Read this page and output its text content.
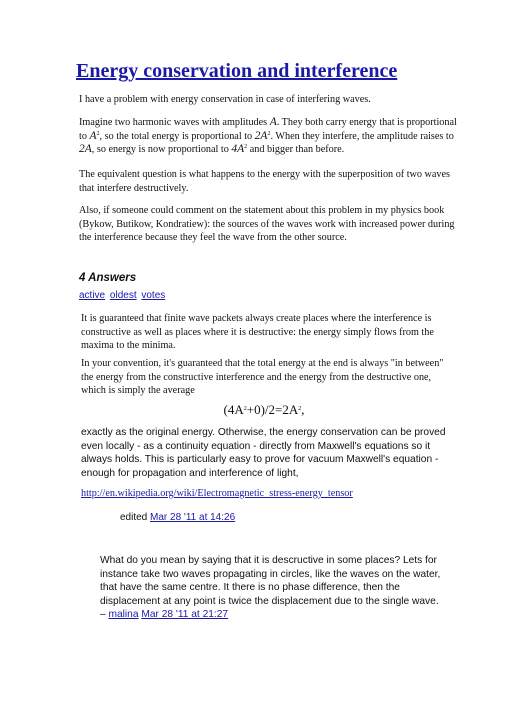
Energy conservation and interference

I have a problem with energy conservation in case of interfering waves.

Imagine two harmonic waves with amplitudes A. They both carry energy that is proportional to $A^2$, so the total energy is proportional to $2A^2$. When they interfere, the amplitude raises to 2A, so energy is now proportional to $4A^2$ and bigger than before.

The equivalent question is what happens to the energy with the superposition of two waves that interfere destructively.

Also, if someone could comment on the statement about this problem in my physics book (Bykow, Butikow, Kondratiew): the sources of the waves work with increased power during the interference because they feel the wave from the other source.

4 Answers
active oldest votes

It is guaranteed that finite wave packets always create places where the interference is constructive as well as places where it is destructive: the energy simply flows from the maxima to the minima.

In your convention, it's guaranteed that the total energy at the end is always "in between" the energy from the constructive interference and the energy from the destructive one, which is simply the average

$(4A^2+0)/2=2A^2$,

exactly as the original energy. Otherwise, the energy conservation can be proved even locally - as a continuity equation - directly from Maxwell's equations so it always holds. This is particularly easy to prove for vacuum Maxwell's equation - enough for propagation and interference of light,

http://en.wikipedia.org/wiki/Electromagnetic_stress-energy_tensor
edited Mar 28 '11 at 14:26

What do you mean by saying that it is descructive in some places? Lets for instance take two waves propagating in circles, like the waves on the water, that have the same centre. It there is no phase difference, then the displacement at any point is twice the displacement due to the single wave. – malina Mar 28 '11 at 21:27
